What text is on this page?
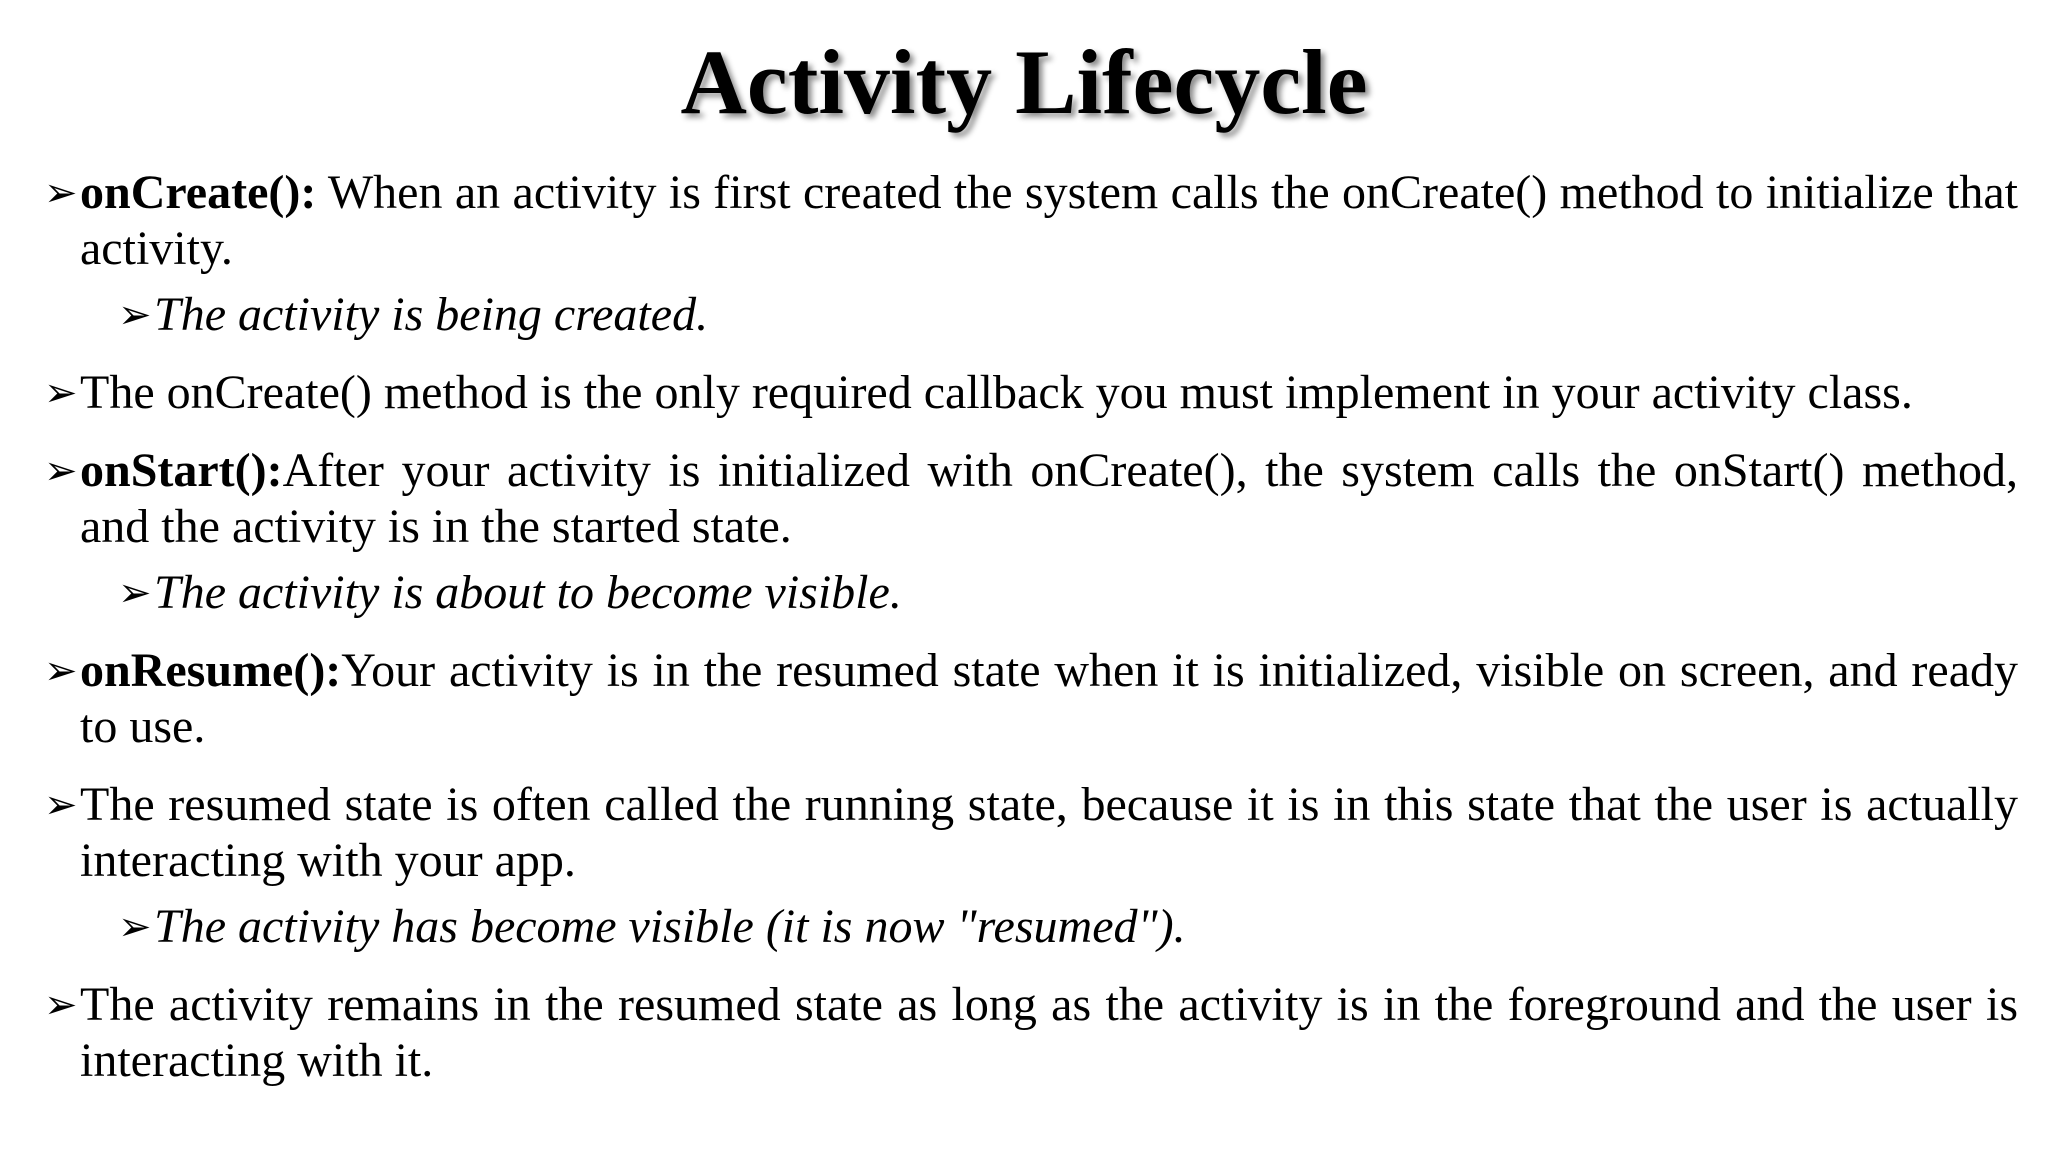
Activity Lifecycle

➢ onCreate(): When an activity is first created the system calls the onCreate() method to initialize that activity.

➢ The activity is being created.

➢ The onCreate() method is the only required callback you must implement in your activity class.

➢ onStart():After your activity is initialized with onCreate(), the system calls the onStart() method, and the activity is in the started state.

➢ The activity is about to become visible.

➢ onResume():Your activity is in the resumed state when it is initialized, visible on screen, and ready to use.

➢ The resumed state is often called the running state, because it is in this state that the user is actually interacting with your app.

➢ The activity has become visible (it is now "resumed").

➢ The activity remains in the resumed state as long as the activity is in the foreground and the user is interacting with it.
